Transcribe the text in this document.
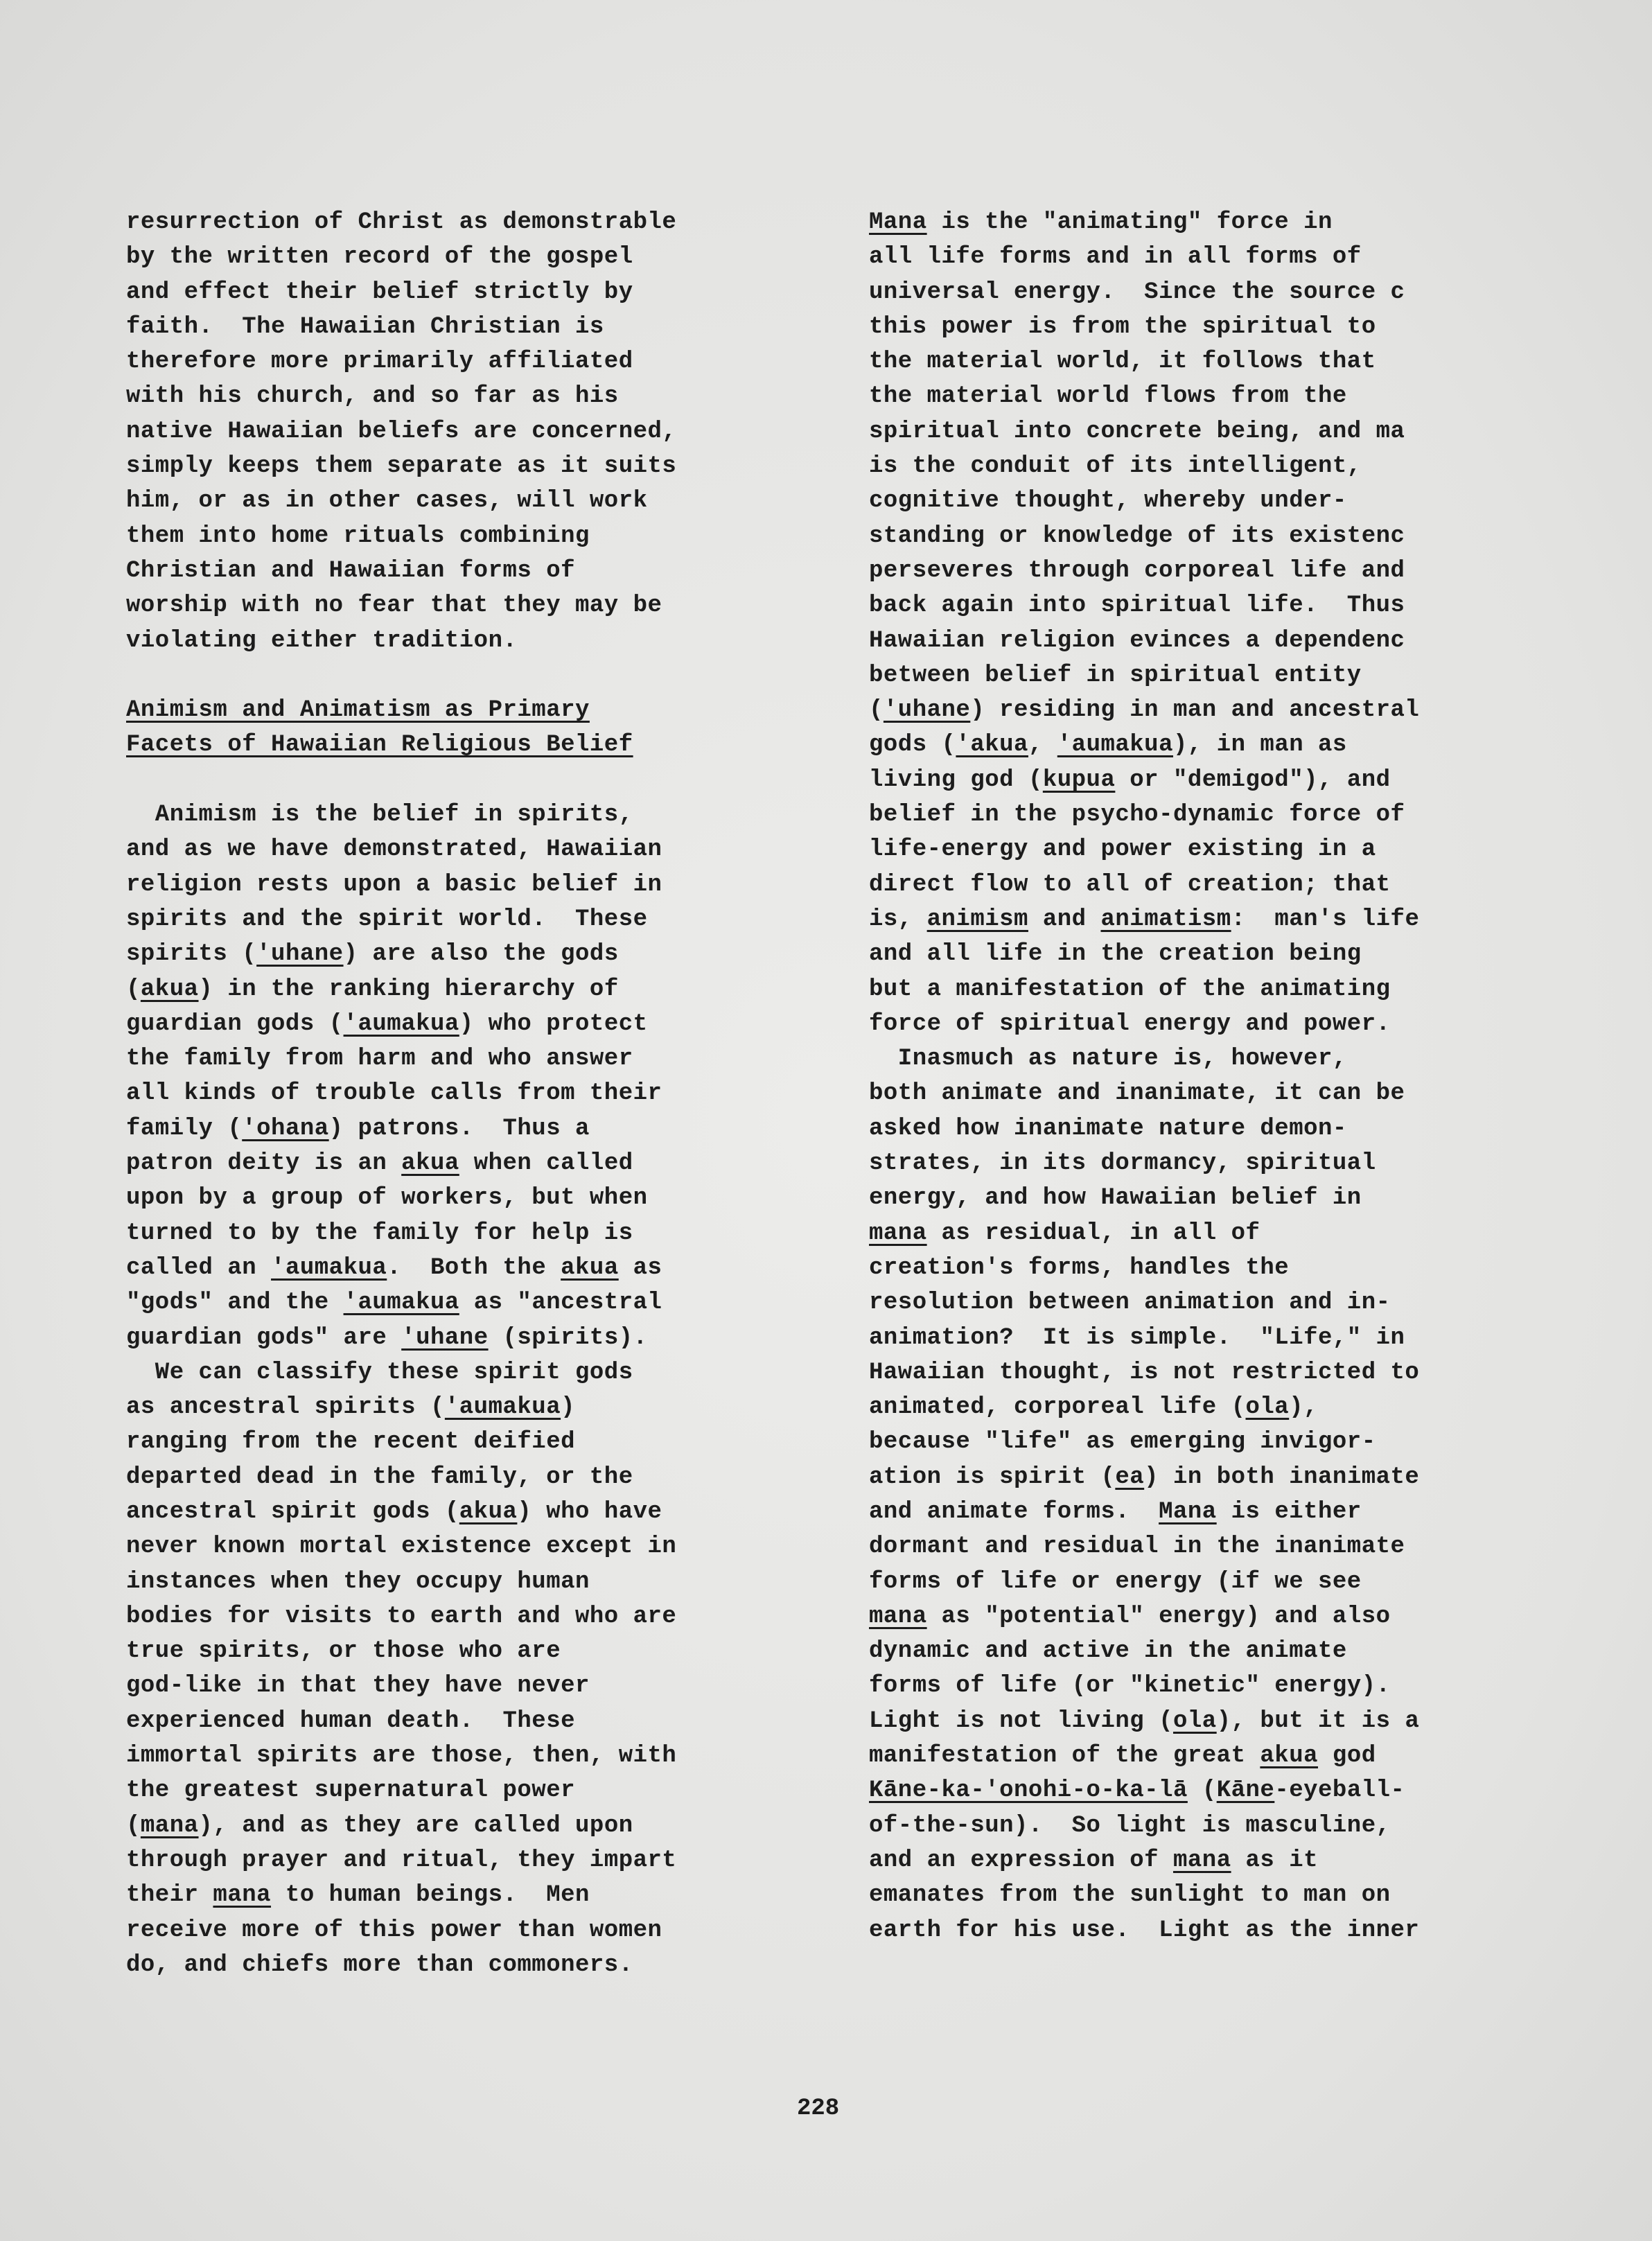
resurrection of Christ as demonstrable
by the written record of the gospel
and effect their belief strictly by
faith.  The Hawaiian Christian is
therefore more primarily affiliated
with his church, and so far as his
native Hawaiian beliefs are concerned,
simply keeps them separate as it suits
him, or as in other cases, will work
them into home rituals combining
Christian and Hawaiian forms of
worship with no fear that they may be
violating either tradition.
Animism and Animatism as Primary
Facets of Hawaiian Religious Belief
Animism is the belief in spirits,
and as we have demonstrated, Hawaiian
religion rests upon a basic belief in
spirits and the spirit world.  These
spirits ('uhane) are also the gods
(akua) in the ranking hierarchy of
guardian gods ('aumakua) who protect
the family from harm and who answer
all kinds of trouble calls from their
family ('ohana) patrons.  Thus a
patron deity is an akua when called
upon by a group of workers, but when
turned to by the family for help is
called an 'aumakua.  Both the akua as
"gods" and the 'aumakua as "ancestral
guardian gods" are 'uhane (spirits).
We can classify these spirit gods
as ancestral spirits ('aumakua)
ranging from the recent deified
departed dead in the family, or the
ancestral spirit gods (akua) who have
never known mortal existence except in
instances when they occupy human
bodies for visits to earth and who are
true spirits, or those who are
god-like in that they have never
experienced human death.  These
immortal spirits are those, then, with
the greatest supernatural power
(mana), and as they are called upon
through prayer and ritual, they impart
their mana to human beings.  Men
receive more of this power than women
do, and chiefs more than commoners.
Mana is the "animating" force in
all life forms and in all forms of
universal energy.  Since the source c
this power is from the spiritual to
the material world, it follows that
the material world flows from the
spiritual into concrete being, and ma
is the conduit of its intelligent,
cognitive thought, whereby under-
standing or knowledge of its existenc
perseveres through corporeal life and
back again into spiritual life.  Thus
Hawaiian religion evinces a dependenc
between belief in spiritual entity
('uhane) residing in man and ancestral
gods ('akua, 'aumakua), in man as
living god (kupua or "demigod"), and
belief in the psycho-dynamic force of
life-energy and power existing in a
direct flow to all of creation; that
is, animism and animatism:  man's life
and all life in the creation being
but a manifestation of the animating
force of spiritual energy and power.
Inasmuch as nature is, however,
both animate and inanimate, it can be
asked how inanimate nature demon-
strates, in its dormancy, spiritual
energy, and how Hawaiian belief in
mana as residual, in all of
creation's forms, handles the
resolution between animation and in-
animation?  It is simple.  "Life," in
Hawaiian thought, is not restricted to
animated, corporeal life (ola),
because "life" as emerging invigor-
ation is spirit (ea) in both inanimate
and animate forms.  Mana is either
dormant and residual in the inanimate
forms of life or energy (if we see
mana as "potential" energy) and also
dynamic and active in the animate
forms of life (or "kinetic" energy).
Light is not living (ola), but it is a
manifestation of the great akua god
Kāne-ka-'onohi-o-ka-lā (Kāne-eyeball-
of-the-sun).  So light is masculine,
and an expression of mana as it
emanates from the sunlight to man on
earth for his use.  Light as the inner
228
